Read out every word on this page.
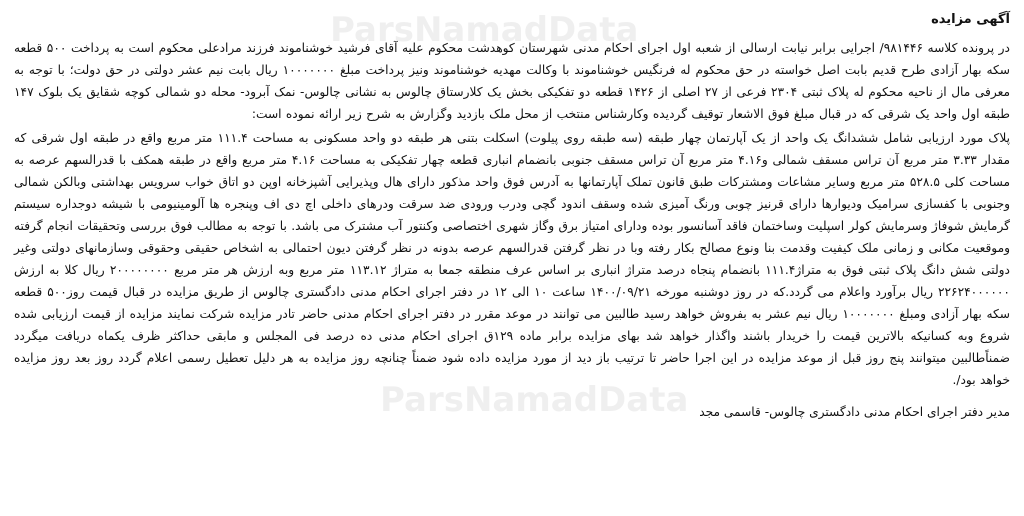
ParsNamadData
ParsNamadData
آگهی مزایده

در پرونده کلاسه ۹۸۱۴۴۶/ اجرایی برابر نیابت ارسالی از شعبه اول اجرای احکام مدنی شهرستان کوهدشت محکوم علیه آقای فرشید خوشناموند فرزند مرادعلی محکوم است به پرداخت ۵۰۰ قطعه سکه بهار آزادی طرح قدیم بابت اصل خواسته در حق محکوم له فرنگیس خوشناموند با وکالت مهدیه خوشناموند ونیز پرداخت مبلغ ۱۰۰۰۰۰۰۰ ریال بابت نیم عشر دولتی در حق دولت؛ با توجه به معرفی مال از ناحیه محکوم له پلاک ثبتی ۲۳۰۴ فرعی از ۲۷ اصلی از ۱۴۲۶ قطعه دو تفکیکی بخش یک کلارستاق چالوس به نشانی چالوس- نمک آبرود- محله دو شمالی کوچه شقایق یک بلوک ۱۴۷ طبقه اول واحد یک شرقی که در قبال مبلغ فوق الاشعار توقیف گردیده وکارشناس منتخب از محل ملک بازدید وگزارش به شرح زیر ارائه نموده است:

پلاک مورد ارزیابی شامل ششدانگ یک واحد از یک آپارتمان چهار طبقه (سه طبقه روی پیلوت) اسکلت بتنی هر طبقه دو واحد مسکونی به مساحت ۱۱۱.۴ متر مربع واقع در طبقه اول شرقی که مقدار ۳.۳۳ متر مربع آن تراس مسقف شمالی و۴.۱۶ متر مربع آن تراس مسقف جنوبی بانضمام انباری قطعه چهار تفکیکی به مساحت ۴.۱۶ متر مربع واقع در طبقه همکف با قدرالسهم عرصه به مساحت کلی ۵۲۸.۵ متر مربع وسایر مشاعات ومشترکات طبق قانون تملک آپارتمانها به آدرس فوق واحد مذکور دارای هال وپذیرایی آشپزخانه اوپن دو اتاق خواب سرویس بهداشتی وبالکن شمالی وجنوبی با کفسازی سرامیک ودیوارها دارای قرنیز چوبی ورنگ آمیزی شده وسقف اندود گچی ودرب ورودی ضد سرقت ودرهای داخلی اچ دی اف وپنجره ها آلومینیومی با شیشه دوجداره سیستم گرمایش شوفاژ وسرمایش کولر اسپلیت وساختمان فاقد آسانسور بوده ودارای امتیاز برق وگاز شهری اختصاصی وکنتور آب مشترک می باشد. با توجه به مطالب فوق بررسی وتحقیقات انجام گرفته وموقعیت مکانی و زمانی ملک کیفیت وقدمت بنا ونوع مصالح بکار رفته وبا در نظر گرفتن قدرالسهم عرصه بدونه در نظر گرفتن دیون احتمالی به اشخاص حقیقی وحقوقی وسازمانهای دولتی وغیر دولتی شش دانگ پلاک ثبتی فوق به متراژ۱۱۱.۴ بانضمام پنجاه درصد متراژ انباری بر اساس عرف منطقه جمعا به متراژ ۱۱۳.۱۲ متر مربع وبه ارزش هر متر مربع ۲۰۰۰۰۰۰۰۰ ریال کلا به ارزش ۲۲۶۲۴۰۰۰۰۰۰ ریال برآورد واعلام می گردد.که در روز دوشنبه مورخه ۱۴۰۰/۰۹/۲۱ ساعت ۱۰ الی ۱۲ در دفتر اجرای احکام مدنی دادگستری چالوس از طریق مزایده در قبال قیمت روز۵۰۰ قطعه سکه بهار آزادی ومبلغ ۱۰۰۰۰۰۰۰ ریال نیم عشر به بفروش خواهد رسید طالبین می توانند در موعد مقرر در دفتر اجرای احکام مدنی حاضر تادر مزایده شرکت نمایند مزایده از قیمت ارزیابی شده شروع وبه کسانیکه بالاترین قیمت را خریدار باشند واگذار خواهد شد بهای مزایده برابر ماده ۱۲۹ق اجرای احکام مدنی ده درصد فی المجلس و مابقی حداکثر ظرف یکماه دریافت میگردد ضمناًطالبین میتوانند پنج روز قبل از موعد مزایده در این اجرا حاضر تا ترتیب باز دید از مورد مزایده داده شود ضمناً چنانچه روز مزایده به هر دلیل تعطیل رسمی اعلام گردد روز بعد روز مزایده خواهد بود/.

مدیر دفتر اجرای احکام مدنی دادگستری چالوس- قاسمی مجد
